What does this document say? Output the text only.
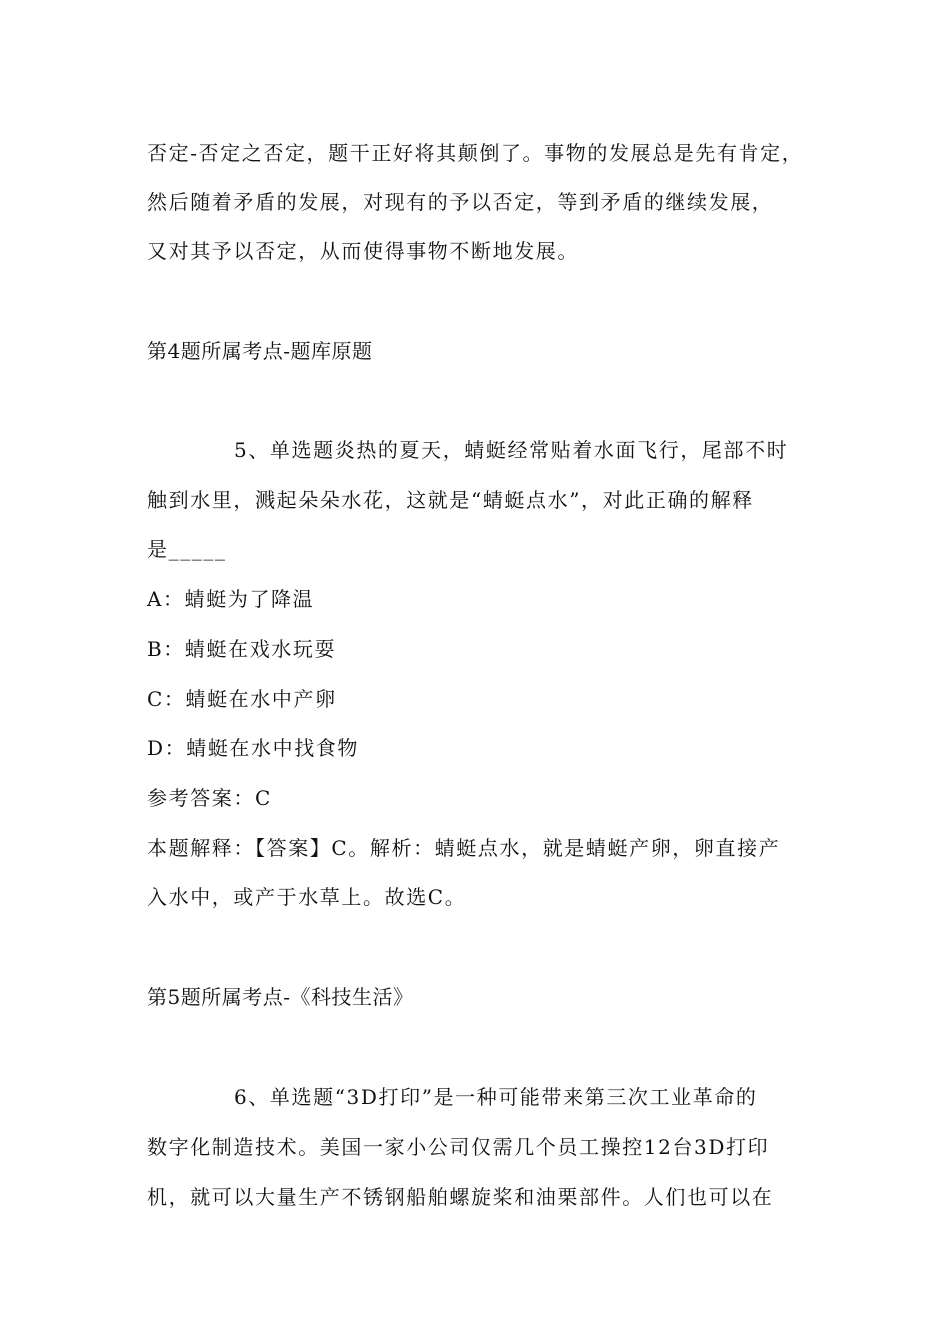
否定-否定之否定，题干正好将其颠倒了。事物的发展总是先有肯定，
然后随着矛盾的发展，对现有的予以否定，等到矛盾的继续发展，
又对其予以否定，从而使得事物不断地发展。
第4题所属考点-题库原题
5、单选题炎热的夏天，蜻蜓经常贴着水面飞行，尾部不时
触到水里，溅起朵朵水花，这就是“蜻蜓点水”，对此正确的解释
是_____
A：蜻蜓为了降温
B：蜻蜓在戏水玩耍
C：蜻蜓在水中产卵
D：蜻蜓在水中找食物
参考答案：C
本题解释：【答案】C。解析：蜻蜓点水，就是蜻蜓产卵，卵直接产
入水中，或产于水草上。故选C。
第5题所属考点-《科技生活》
6、单选题“3D打印”是一种可能带来第三次工业革命的
数字化制造技术。美国一家小公司仅需几个员工操控12台3D打印
机，就可以大量生产不锈钢船舶螺旋桨和油栗部件。人们也可以在
